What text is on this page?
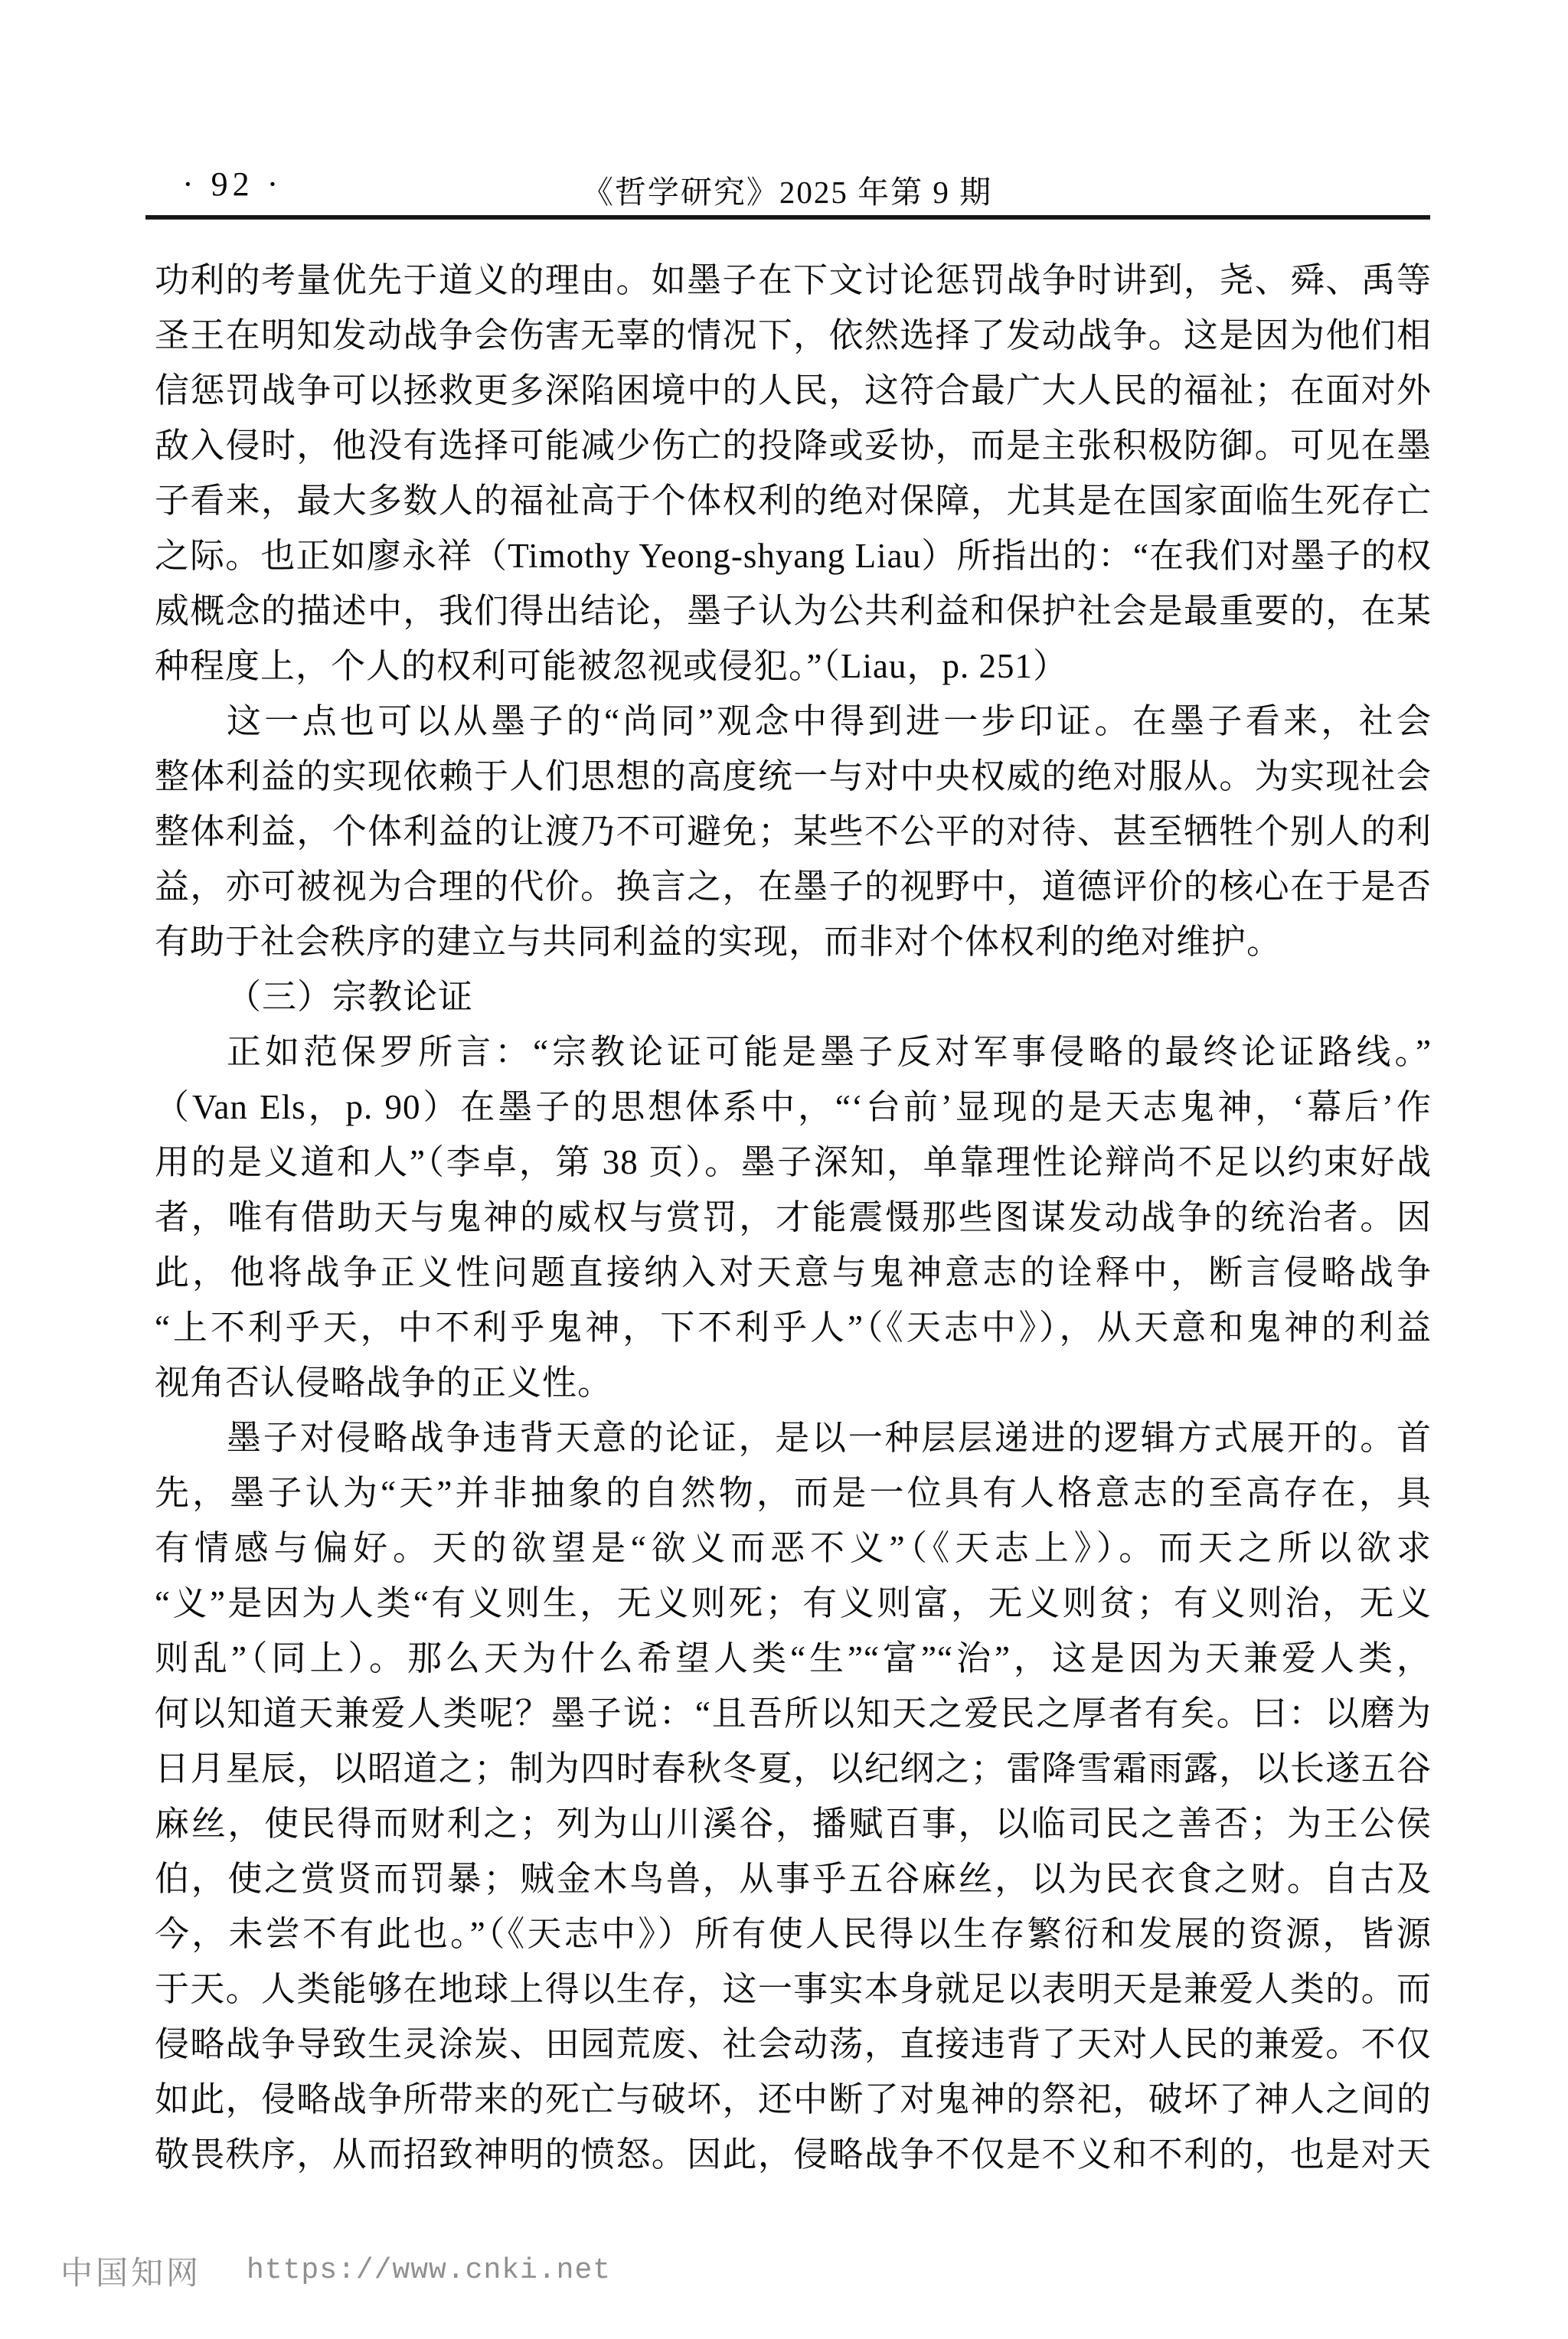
· 92 ·	《哲学研究》2025 年第 9 期
功利的考量优先于道义的理由。如墨子在下文讨论惩罚战争时讲到，尧、舜、禹等
圣王在明知发动战争会伤害无辜的情况下，依然选择了发动战争。这是因为他们相
信惩罚战争可以拯救更多深陷困境中的人民，这符合最广大人民的福祉；在面对外
敌入侵时，他没有选择可能减少伤亡的投降或妥协，而是主张积极防御。可见在墨
子看来，最大多数人的福祉高于个体权利的绝对保障，尤其是在国家面临生死存亡
之际。也正如廖永祥（Timothy Yeong-shyang Liau）所指出的：“在我们对墨子的权
威概念的描述中，我们得出结论，墨子认为公共利益和保护社会是最重要的，在某
种程度上，个人的权利可能被忽视或侵犯。”（Liau，p. 251）
这一点也可以从墨子的“尚同”观念中得到进一步印证。在墨子看来，社会
整体利益的实现依赖于人们思想的高度统一与对中央权威的绝对服从。为实现社会
整体利益，个体利益的让渡乃不可避免；某些不公平的对待、甚至牺牲个别人的利
益，亦可被视为合理的代价。换言之，在墨子的视野中，道德评价的核心在于是否
有助于社会秩序的建立与共同利益的实现，而非对个体权利的绝对维护。
（三）宗教论证
正如范保罗所言：“宗教论证可能是墨子反对军事侵略的最终论证路线。”
（Van Els，p. 90）在墨子的思想体系中，“‘台前’显现的是天志鬼神，‘幕后’作
用的是义道和人”（李卓，第 38 页）。墨子深知，单靠理性论辩尚不足以约束好战
者，唯有借助天与鬼神的威权与赏罚，才能震慑那些图谋发动战争的统治者。因
此，他将战争正义性问题直接纳入对天意与鬼神意志的诠释中，断言侵略战争
“上不利乎天，中不利乎鬼神，下不利乎人”（《天志中》），从天意和鬼神的利益
视角否认侵略战争的正义性。
墨子对侵略战争违背天意的论证，是以一种层层递进的逻辑方式展开的。首
先，墨子认为“天”并非抽象的自然物，而是一位具有人格意志的至高存在，具
有情感与偏好。天的欲望是“欲义而恶不义”（《天志上》）。而天之所以欲求
“义”是因为人类“有义则生，无义则死；有义则富，无义则贫；有义则治，无义
则乱”（同上）。那么天为什么希望人类“生”“富”“治”，这是因为天兼爱人类，
何以知道天兼爱人类呢？墨子说：“且吾所以知天之爱民之厚者有矣。曰：以磨为
日月星辰，以昭道之；制为四时春秋冬夏，以纪纲之；雷降雪霜雨露，以长遂五谷
麻丝，使民得而财利之；列为山川溪谷，播赋百事，以临司民之善否；为王公侯
伯，使之赏贤而罚暴；贼金木鸟兽，从事乎五谷麻丝，以为民衣食之财。自古及
今，未尝不有此也。”（《天志中》）所有使人民得以生存繁衍和发展的资源，皆源
于天。人类能够在地球上得以生存，这一事实本身就足以表明天是兼爱人类的。而
侵略战争导致生灵涂炭、田园荒废、社会动荡，直接违背了天对人民的兼爱。不仅
如此，侵略战争所带来的死亡与破坏，还中断了对鬼神的祭祀，破坏了神人之间的
敬畏秩序，从而招致神明的愤怒。因此，侵略战争不仅是不义和不利的，也是对天
中国知网 https://www.cnki.net
